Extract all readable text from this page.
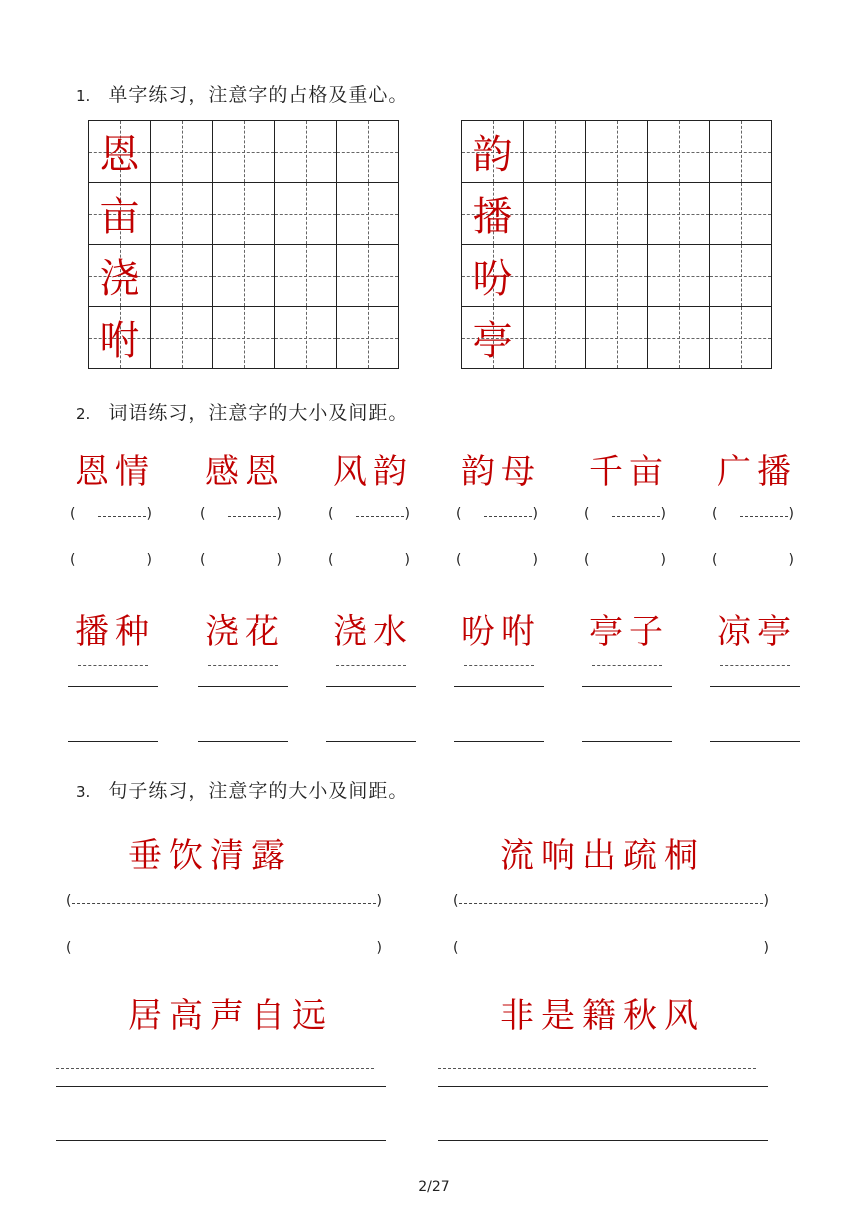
1. 单字练习，注意字的占格及重心。
恩
亩
浇
咐
韵
播
吩
亭
2. 词语练习，注意字的大小及间距。
恩情
(	)
(	)
播种
感恩
(	)
(	)
浇花
风韵
(	)
(	)
浇水
韵母
(	)
(	)
吩咐
千亩
(	)
(	)
亭子
广播
(	)
(	)
凉亭
3. 句子练习，注意字的大小及间距。
垂饮清露	流响出疏桐
(	)	(	)
(	)	(	)
居高声自远	非是籍秋风
2/27
